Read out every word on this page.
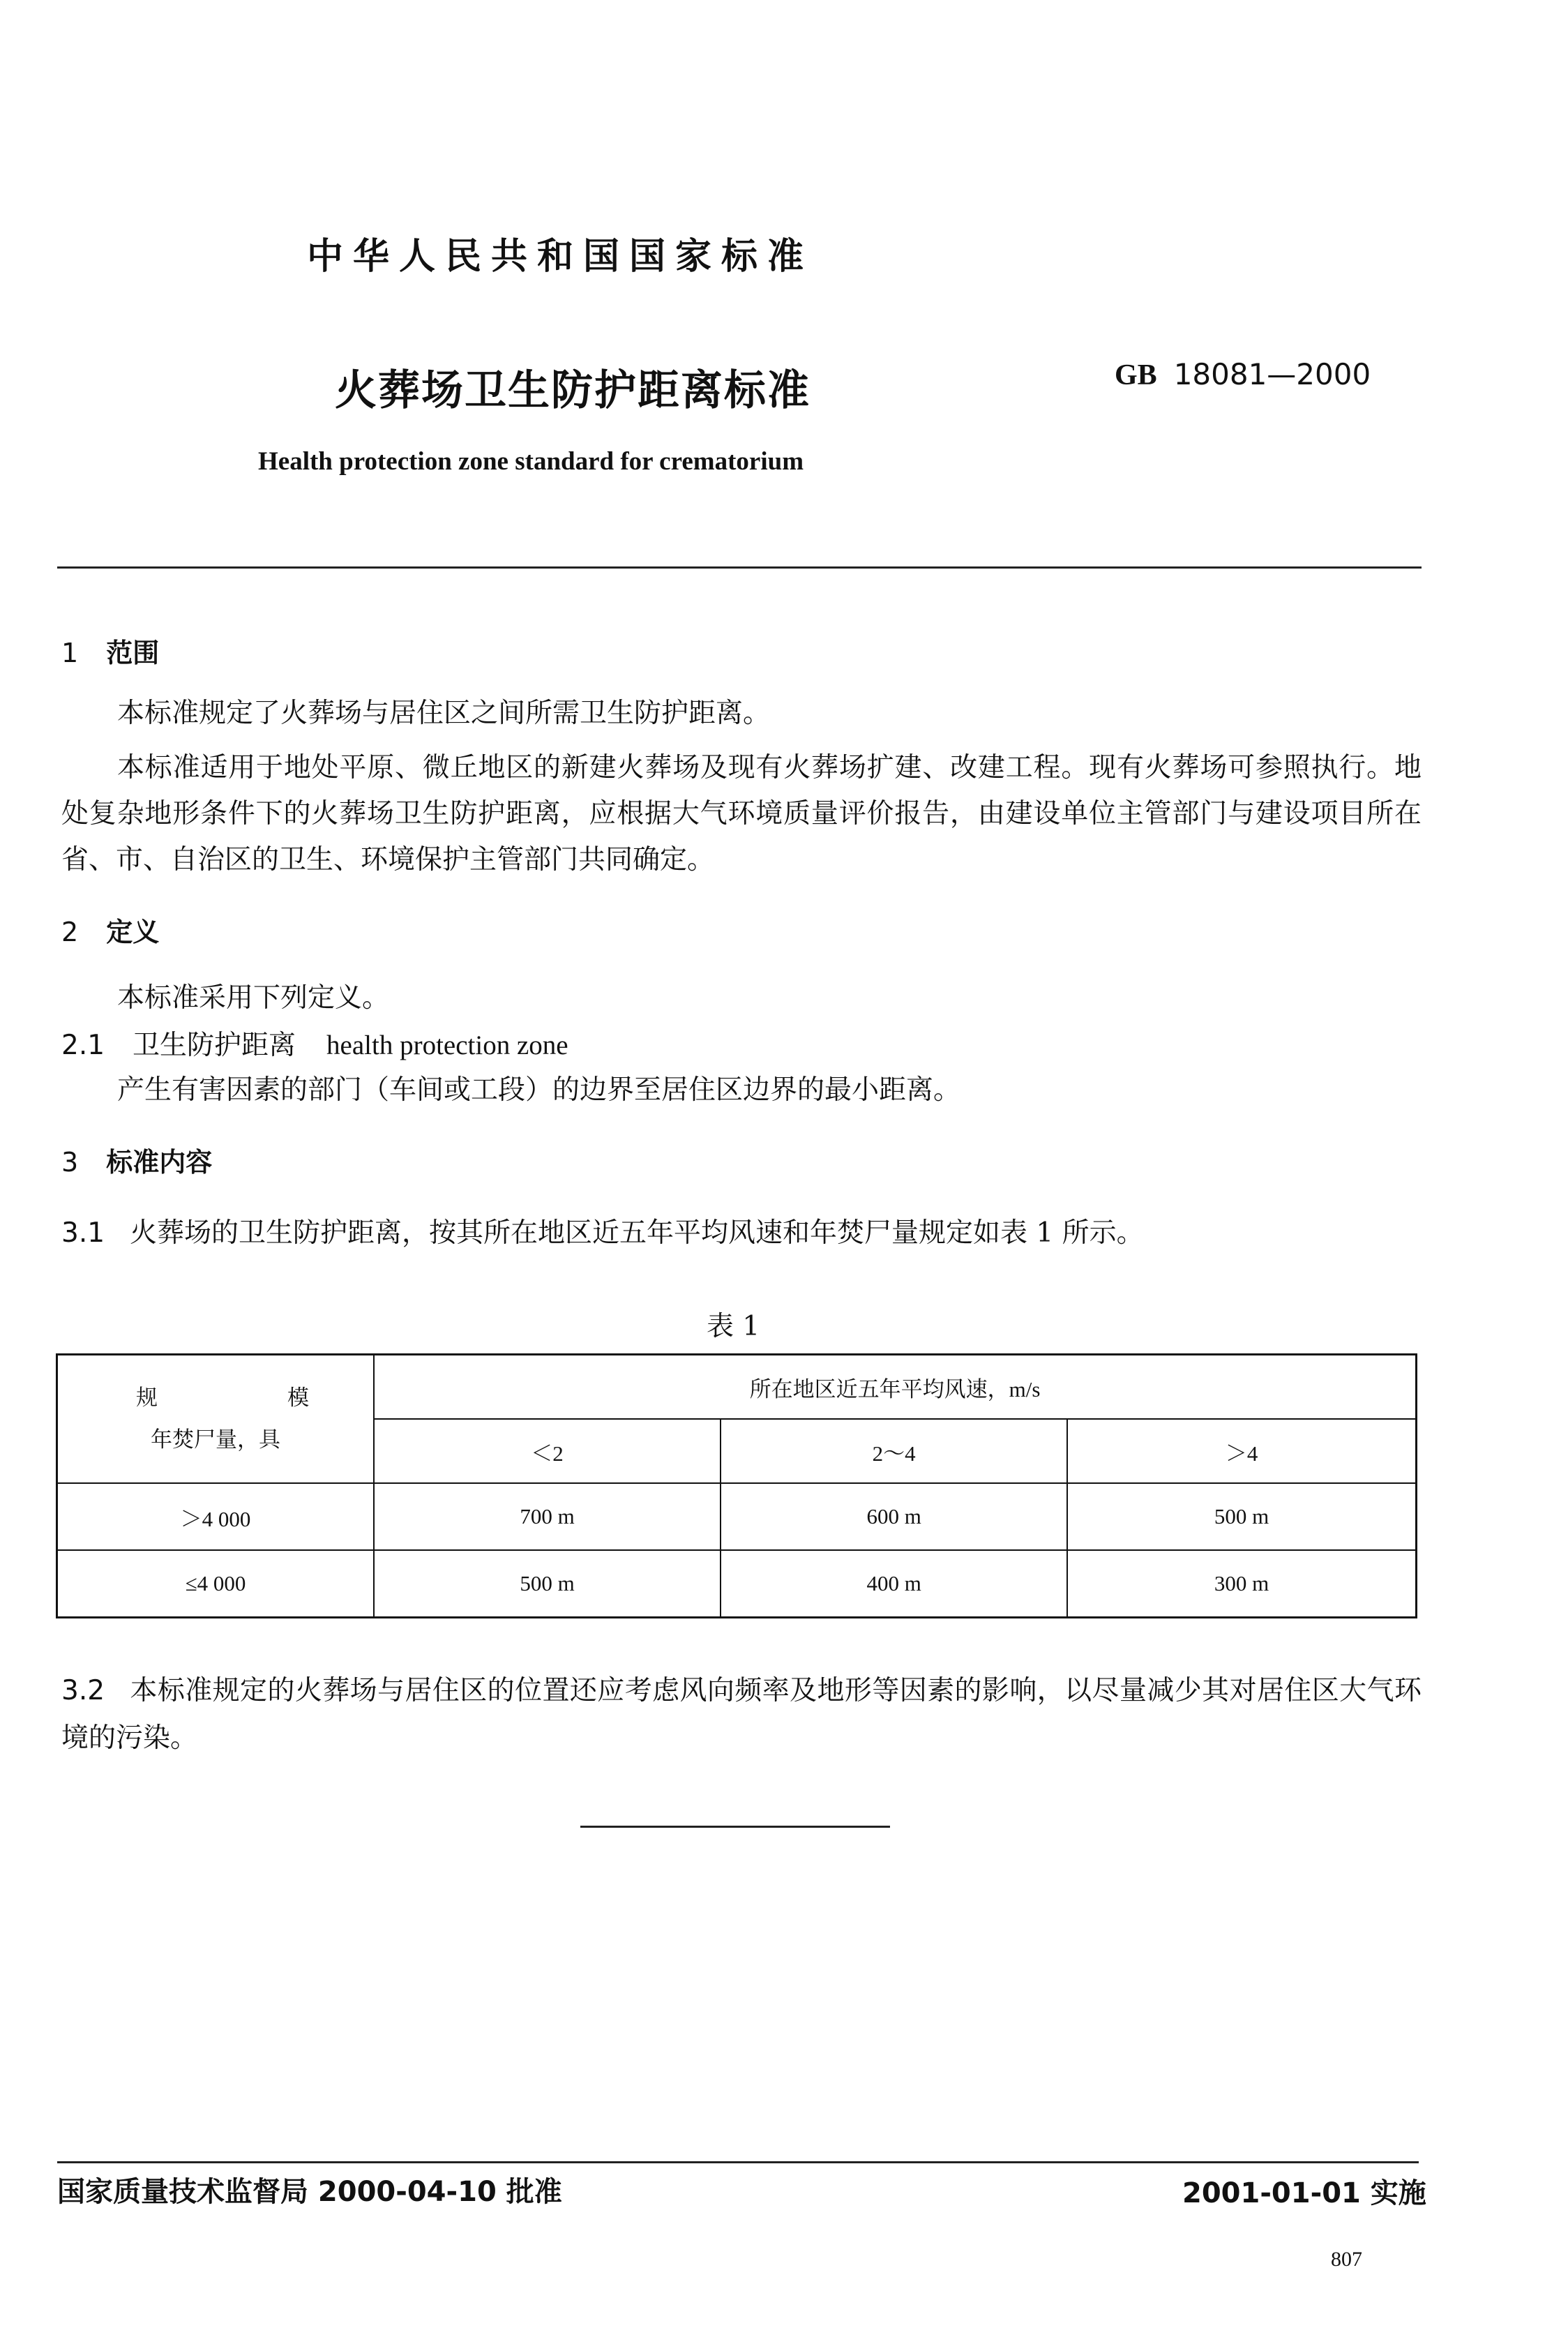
中华人民共和国国家标准
火葬场卫生防护距离标准	GB 18081—2000
Health protection zone standard for crematorium
1 范围
本标准规定了火葬场与居住区之间所需卫生防护距离。
本标准适用于地处平原、微丘地区的新建火葬场及现有火葬场扩建、改建工程。现有火葬场可参照执行。地处复杂地形条件下的火葬场卫生防护距离，应根据大气环境质量评价报告，由建设单位主管部门与建设项目所在省、市、自治区的卫生、环境保护主管部门共同确定。
2 定义
本标准采用下列定义。
2.1 卫生防护距离 health protection zone
产生有害因素的部门（车间或工段）的边界至居住区边界的最小距离。
3 标准内容
3.1 火葬场的卫生防护距离，按其所在地区近五年平均风速和年焚尸量规定如表 1 所示。
表 1
规 模
年焚尸量，具	所在地区近五年平均风速，m/s		
	＜2	2～4	＞4
＞4 000	700 m	600 m	500 m
≤4 000	500 m	400 m	300 m
3.2 本标准规定的火葬场与居住区的位置还应考虑风向频率及地形等因素的影响，以尽量减少其对居住区大气环境的污染。
国家质量技术监督局 2000-04-10 批准	2001-01-01 实施
807
